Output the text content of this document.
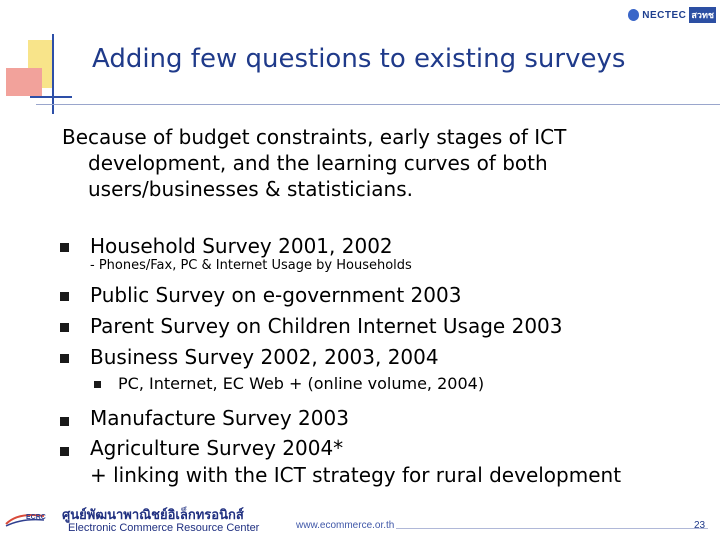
NECTEC สวทช
Adding few questions to existing surveys
Because of budget constraints, early stages of ICT
development, and the learning curves of both
users/businesses & statisticians.
Household Survey 2001, 2002
- Phones/Fax, PC & Internet Usage by Households
Public Survey on e-government 2003
Parent Survey on Children Internet Usage 2003
Business Survey 2002, 2003, 2004
PC, Internet, EC Web + (online volume, 2004)
Manufacture Survey 2003
Agriculture Survey 2004*
+ linking with the ICT strategy for rural development
ECRC ศูนย์พัฒนาพาณิชย์อิเล็กทรอนิกส์
Electronic Commerce Resource Center	www.ecommerce.or.th	23
